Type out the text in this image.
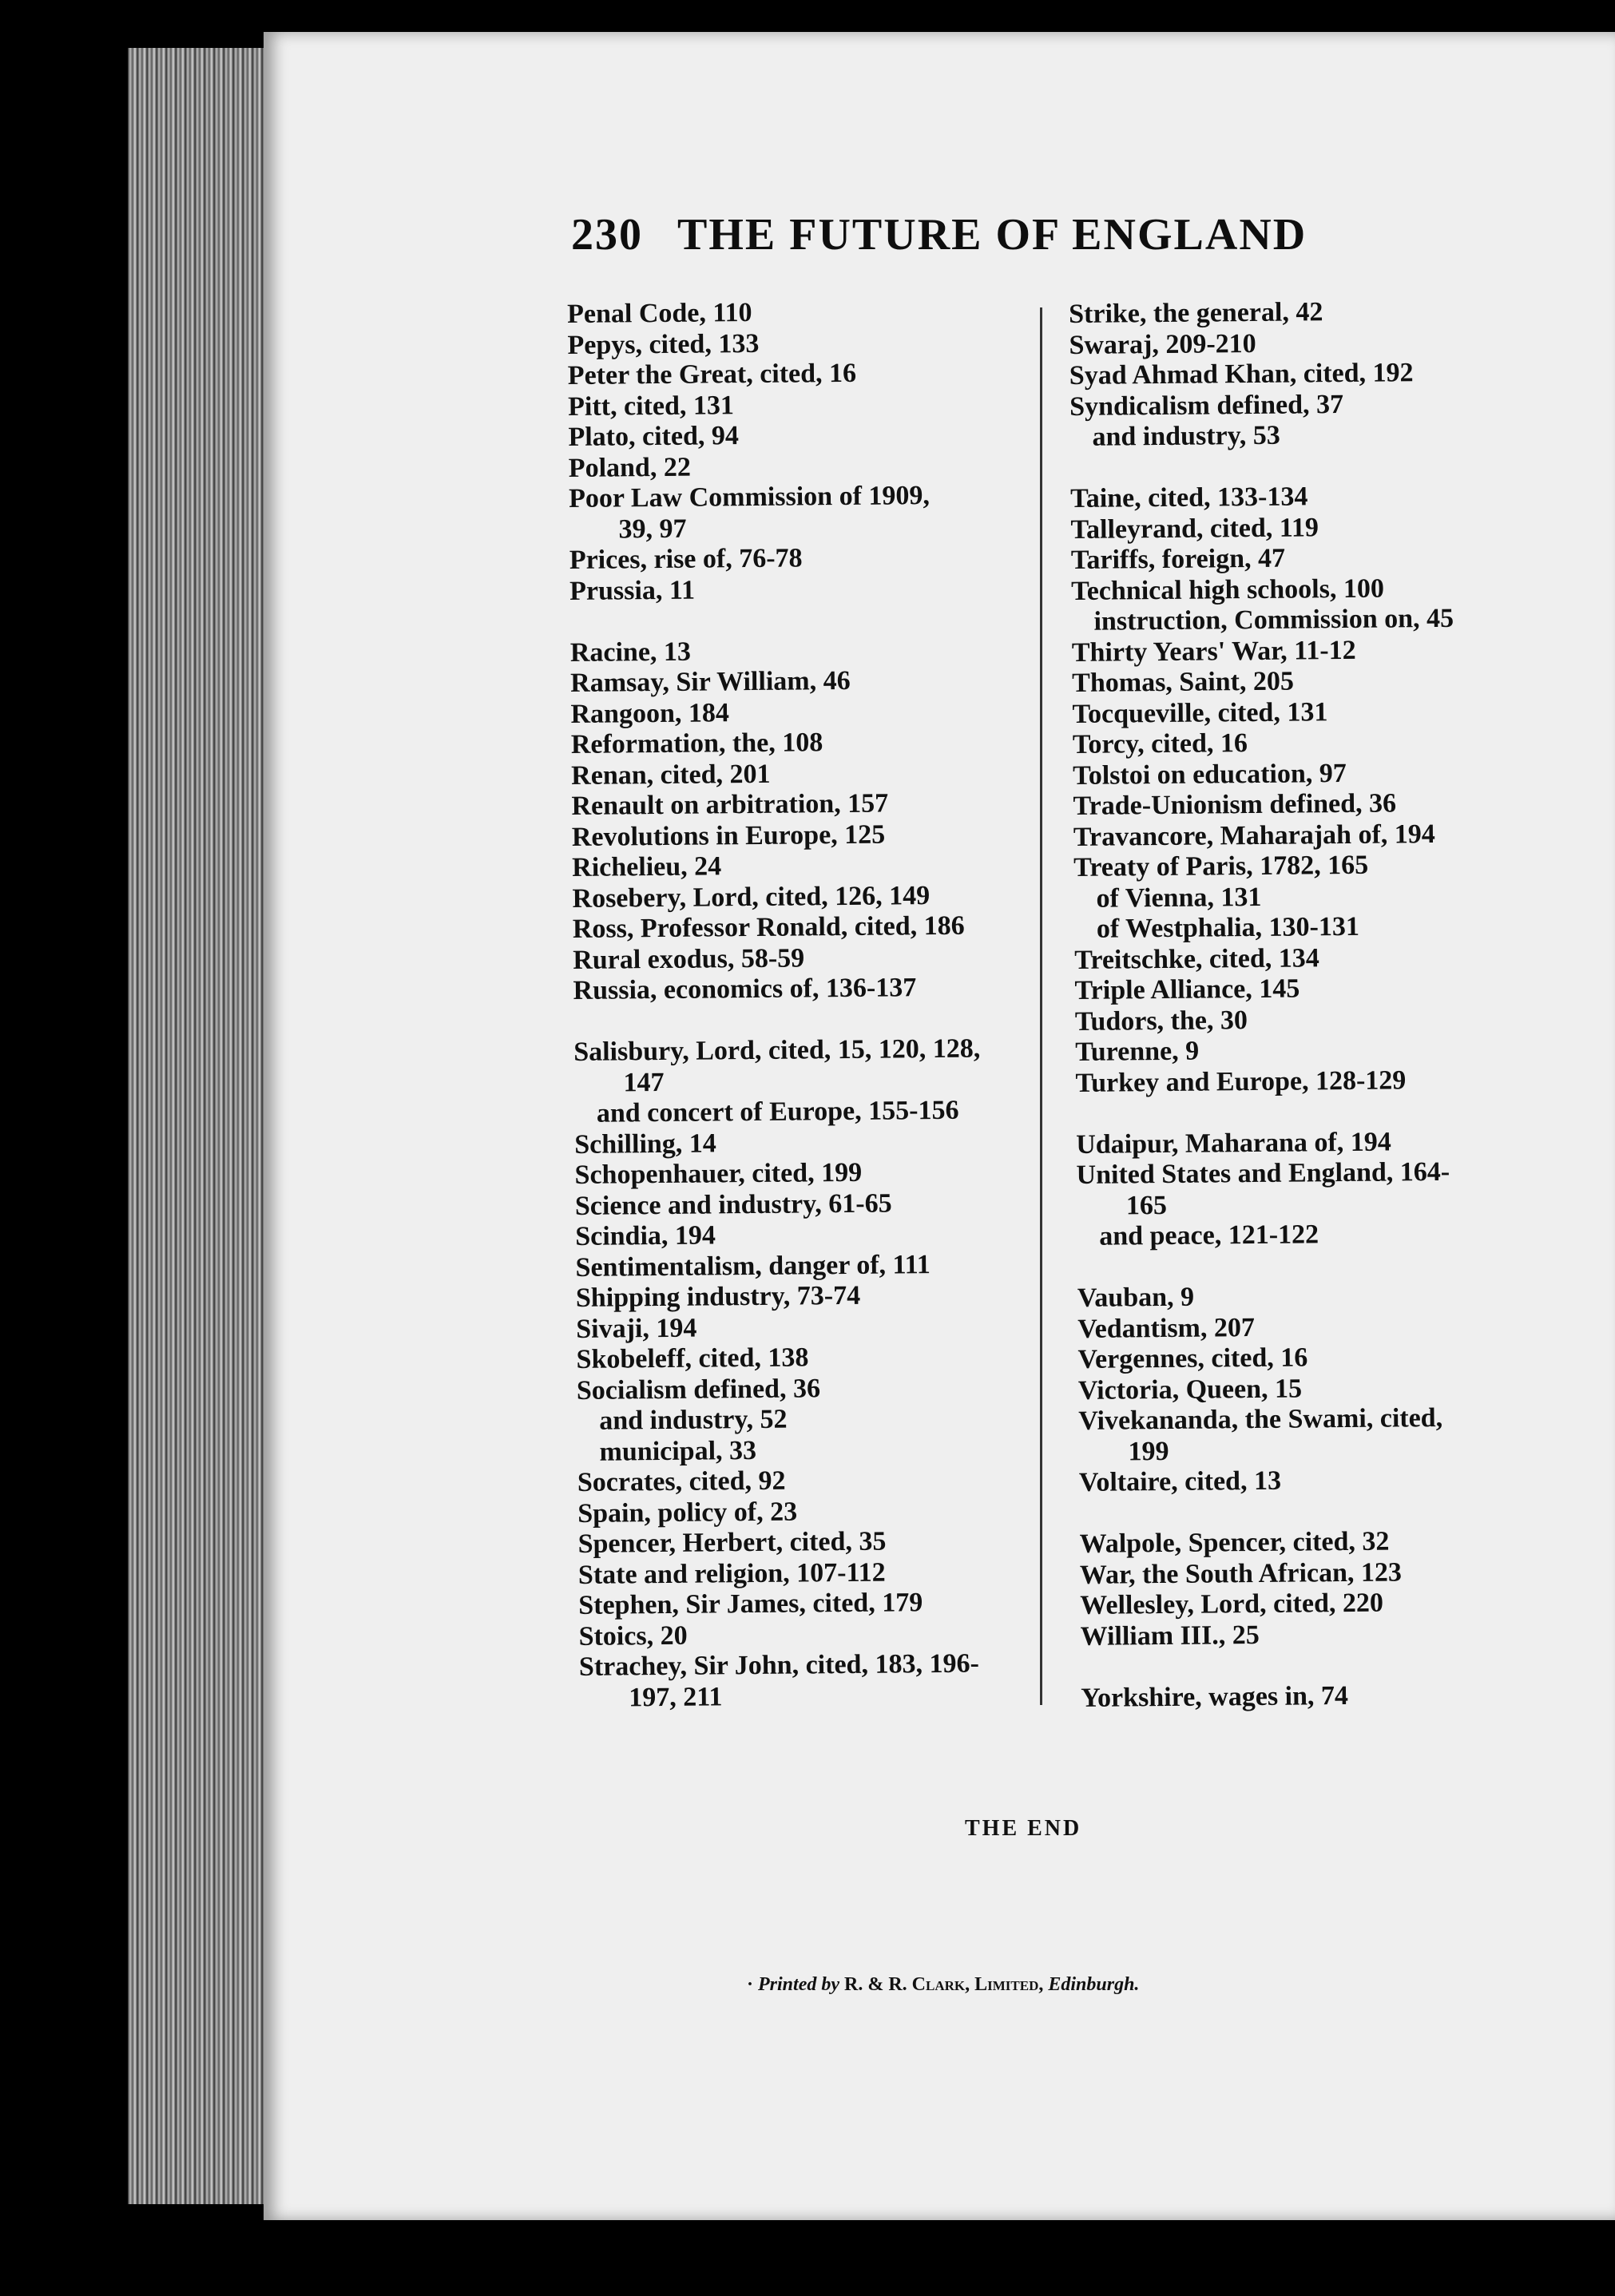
230 THE FUTURE OF ENGLAND
Penal Code, 110
Pepys, cited, 133
Peter the Great, cited, 16
Pitt, cited, 131
Plato, cited, 94
Poland, 22
Poor Law Commission of 1909,
39, 97
Prices, rise of, 76-78
Prussia, 11
Racine, 13
Ramsay, Sir William, 46
Rangoon, 184
Reformation, the, 108
Renan, cited, 201
Renault on arbitration, 157
Revolutions in Europe, 125
Richelieu, 24
Rosebery, Lord, cited, 126, 149
Ross, Professor Ronald, cited, 186
Rural exodus, 58-59
Russia, economics of, 136-137
Salisbury, Lord, cited, 15, 120, 128,
147
and concert of Europe, 155-156
Schilling, 14
Schopenhauer, cited, 199
Science and industry, 61-65
Scindia, 194
Sentimentalism, danger of, 111
Shipping industry, 73-74
Sivaji, 194
Skobeleff, cited, 138
Socialism defined, 36
and industry, 52
municipal, 33
Socrates, cited, 92
Spain, policy of, 23
Spencer, Herbert, cited, 35
State and religion, 107-112
Stephen, Sir James, cited, 179
Stoics, 20
Strachey, Sir John, cited, 183, 196-
197, 211
Strike, the general, 42
Swaraj, 209-210
Syad Ahmad Khan, cited, 192
Syndicalism defined, 37
and industry, 53
Taine, cited, 133-134
Talleyrand, cited, 119
Tariffs, foreign, 47
Technical high schools, 100
instruction, Commission on, 45
Thirty Years' War, 11-12
Thomas, Saint, 205
Tocqueville, cited, 131
Torcy, cited, 16
Tolstoi on education, 97
Trade-Unionism defined, 36
Travancore, Maharajah of, 194
Treaty of Paris, 1782, 165
of Vienna, 131
of Westphalia, 130-131
Treitschke, cited, 134
Triple Alliance, 145
Tudors, the, 30
Turenne, 9
Turkey and Europe, 128-129
Udaipur, Maharana of, 194
United States and England, 164-
165
and peace, 121-122
Vauban, 9
Vedantism, 207
Vergennes, cited, 16
Victoria, Queen, 15
Vivekananda, the Swami, cited,
199
Voltaire, cited, 13
Walpole, Spencer, cited, 32
War, the South African, 123
Wellesley, Lord, cited, 220
William III., 25
Yorkshire, wages in, 74
THE END
· Printed by R. & R. Clark, Limited, Edinburgh.
